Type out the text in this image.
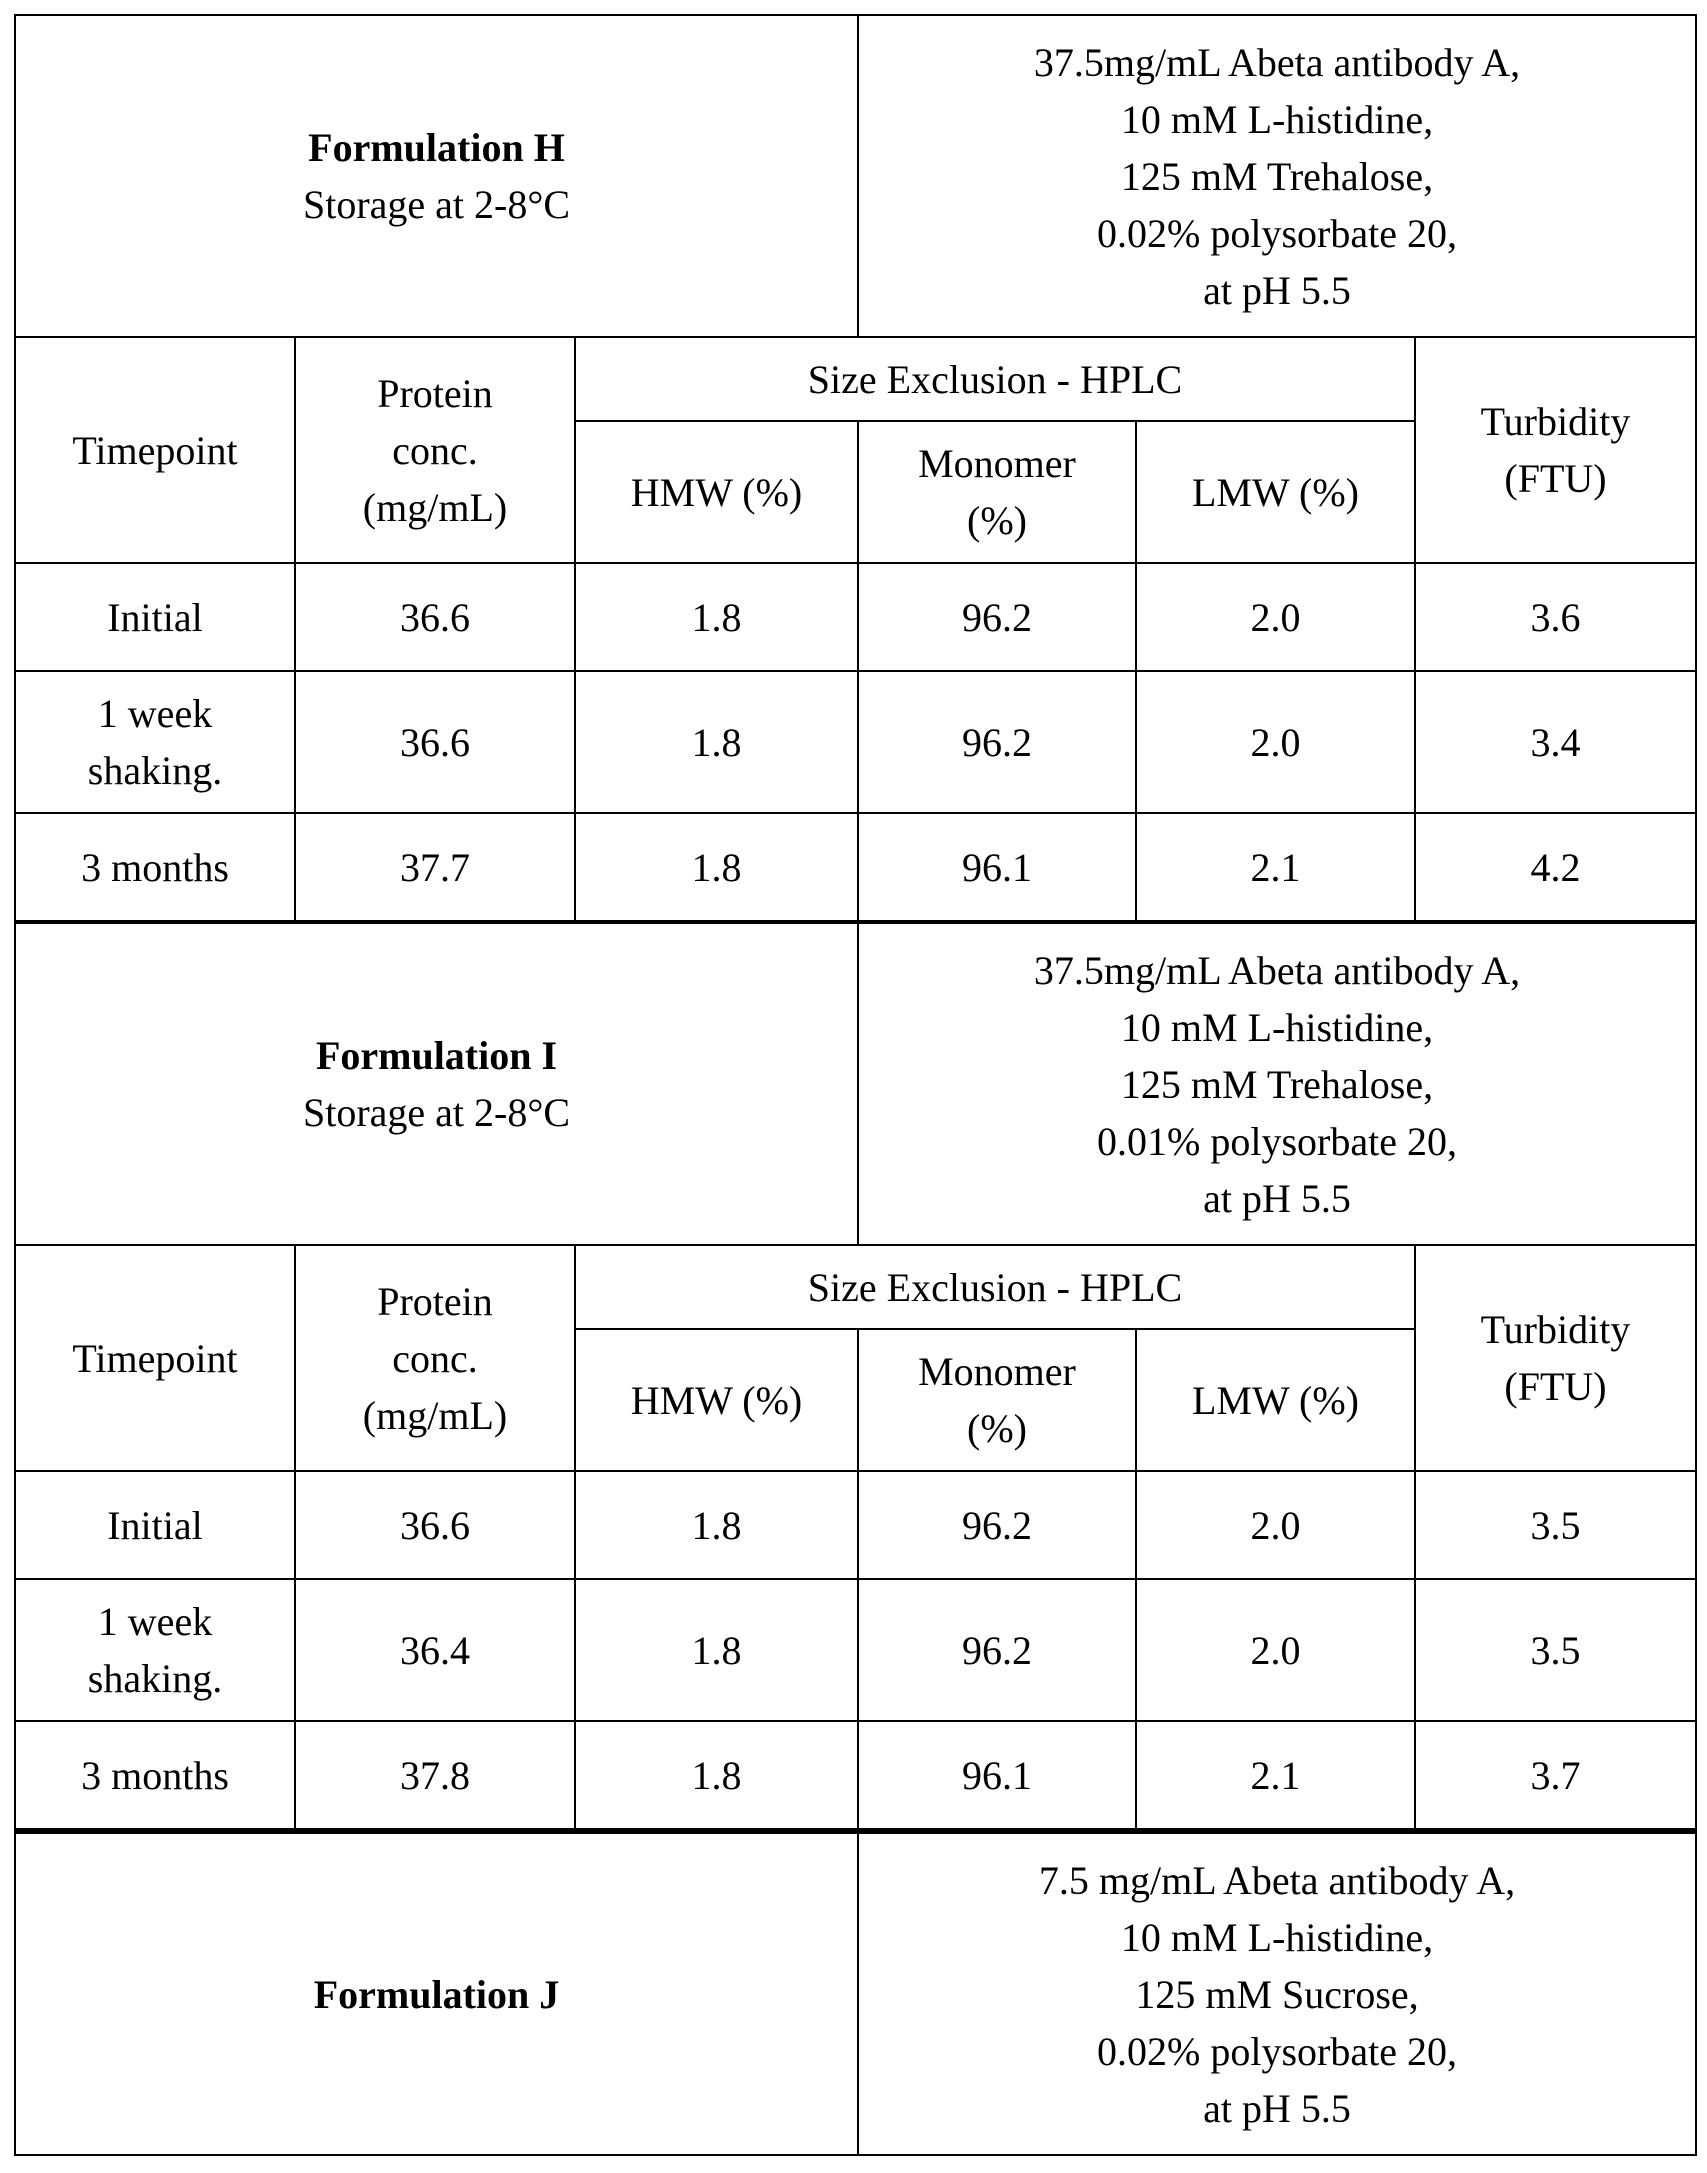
Formulation H
Storage at 2-8°C

37.5mg/mL Abeta antibody A,
10 mM L-histidine,
125 mM Trehalose,
0.02% polysorbate 20,
at pH 5.5

Timepoint	
Protein
conc.
(mg/mL)
	Size Exclusion - HPLC	
Turbidity
(FTU)

HMW (%)	
Monomer
(%)
	LMW (%)

Initial	36.6	1.8	96.2	2.0	3.6

1 week
shaking.
	36.6	1.8	96.2	2.0	3.4

3 months	37.7	1.8	96.1	2.1	4.2

Formulation I
Storage at 2-8°C

37.5mg/mL Abeta antibody A,
10 mM L-histidine,
125 mM Trehalose,
0.01% polysorbate 20,
at pH 5.5

Timepoint	
Protein
conc.
(mg/mL)
	Size Exclusion - HPLC	
Turbidity
(FTU)

HMW (%)	
Monomer
(%)
	LMW (%)

Initial	36.6	1.8	96.2	2.0	3.5

1 week
shaking.
	36.4	1.8	96.2	2.0	3.5

3 months	37.8	1.8	96.1	2.1	3.7

Formulation J

7.5 mg/mL Abeta antibody A,
10 mM L-histidine,
125 mM Sucrose,
0.02% polysorbate 20,
at pH 5.5
